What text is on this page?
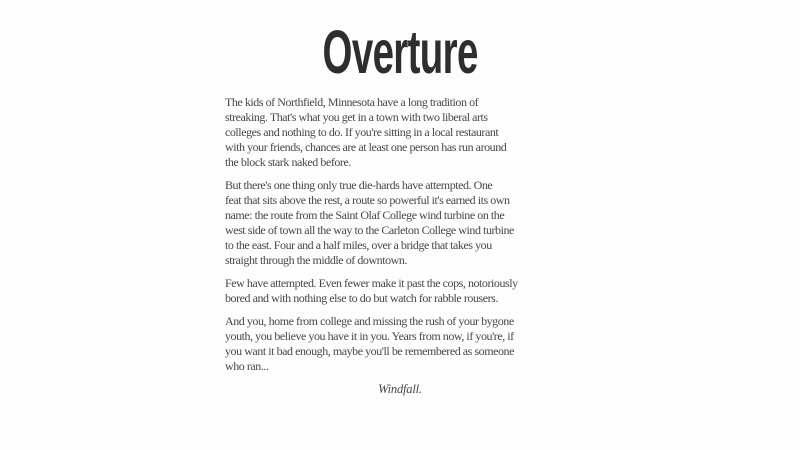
Overture

The kids of Northfield, Minnesota have a long tradition of
streaking. That's what you get in a town with two liberal arts
colleges and nothing to do. If you're sitting in a local restaurant
with your friends, chances are at least one person has run around
the block stark naked before.

But there's one thing only true die-hards have attempted. One
feat that sits above the rest, a route so powerful it's earned its own
name: the route from the Saint Olaf College wind turbine on the
west side of town all the way to the Carleton College wind turbine
to the east. Four and a half miles, over a bridge that takes you
straight through the middle of downtown.

Few have attempted. Even fewer make it past the cops, notoriously
bored and with nothing else to do but watch for rabble rousers.

And you, home from college and missing the rush of your bygone
youth, you believe you have it in you. Years from now, if you're, if
you want it bad enough, maybe you'll be remembered as someone
who ran...

Windfall.
